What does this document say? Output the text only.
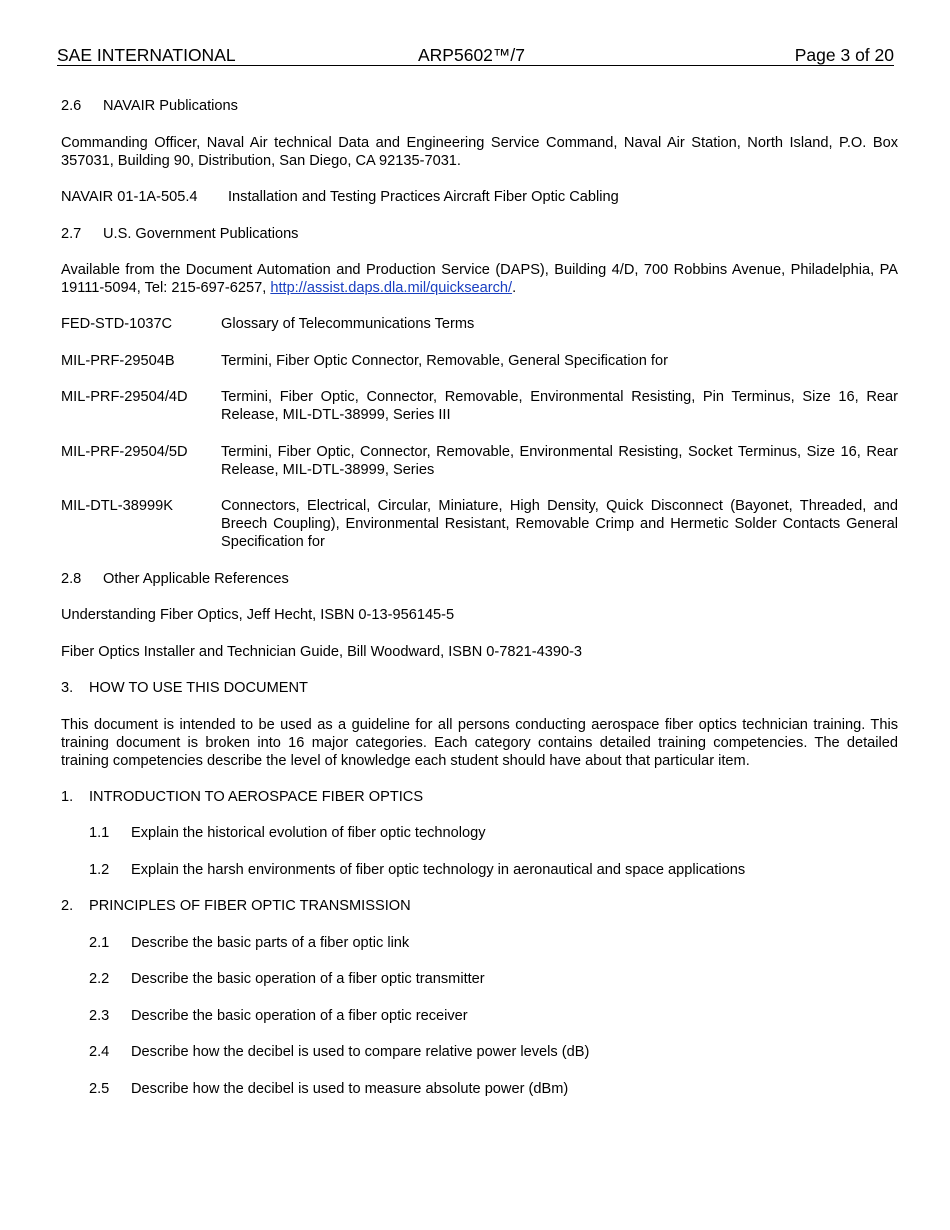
SAE INTERNATIONAL	ARP5602™/7	Page 3 of 20
2.6 NAVAIR Publications
Commanding Officer, Naval Air technical Data and Engineering Service Command, Naval Air Station, North Island, P.O. Box 357031, Building 90, Distribution, San Diego, CA 92135-7031.
NAVAIR 01-1A-505.4 Installation and Testing Practices Aircraft Fiber Optic Cabling
2.7 U.S. Government Publications
Available from the Document Automation and Production Service (DAPS), Building 4/D, 700 Robbins Avenue, Philadelphia, PA 19111-5094, Tel: 215-697-6257, http://assist.daps.dla.mil/quicksearch/.
FED-STD-1037C	Glossary of Telecommunications Terms
MIL-PRF-29504B	Termini, Fiber Optic Connector, Removable, General Specification for
MIL-PRF-29504/4D Termini, Fiber Optic, Connector, Removable, Environmental Resisting, Pin Terminus, Size 16, Rear Release, MIL-DTL-38999, Series III
MIL-PRF-29504/5D Termini, Fiber Optic, Connector, Removable, Environmental Resisting, Socket Terminus, Size 16, Rear Release, MIL-DTL-38999, Series
MIL-DTL-38999K	Connectors, Electrical, Circular, Miniature, High Density, Quick Disconnect (Bayonet, Threaded, and Breech Coupling), Environmental Resistant, Removable Crimp and Hermetic Solder Contacts General Specification for
2.8 Other Applicable References
Understanding Fiber Optics, Jeff Hecht, ISBN 0-13-956145-5
Fiber Optics Installer and Technician Guide, Bill Woodward, ISBN 0-7821-4390-3
3. HOW TO USE THIS DOCUMENT
This document is intended to be used as a guideline for all persons conducting aerospace fiber optics technician training. This training document is broken into 16 major categories. Each category contains detailed training competencies. The detailed training competencies describe the level of knowledge each student should have about that particular item.
1. INTRODUCTION TO AEROSPACE FIBER OPTICS
1.1 Explain the historical evolution of fiber optic technology
1.2 Explain the harsh environments of fiber optic technology in aeronautical and space applications
2. PRINCIPLES OF FIBER OPTIC TRANSMISSION
2.1 Describe the basic parts of a fiber optic link
2.2 Describe the basic operation of a fiber optic transmitter
2.3 Describe the basic operation of a fiber optic receiver
2.4 Describe how the decibel is used to compare relative power levels (dB)
2.5 Describe how the decibel is used to measure absolute power (dBm)
